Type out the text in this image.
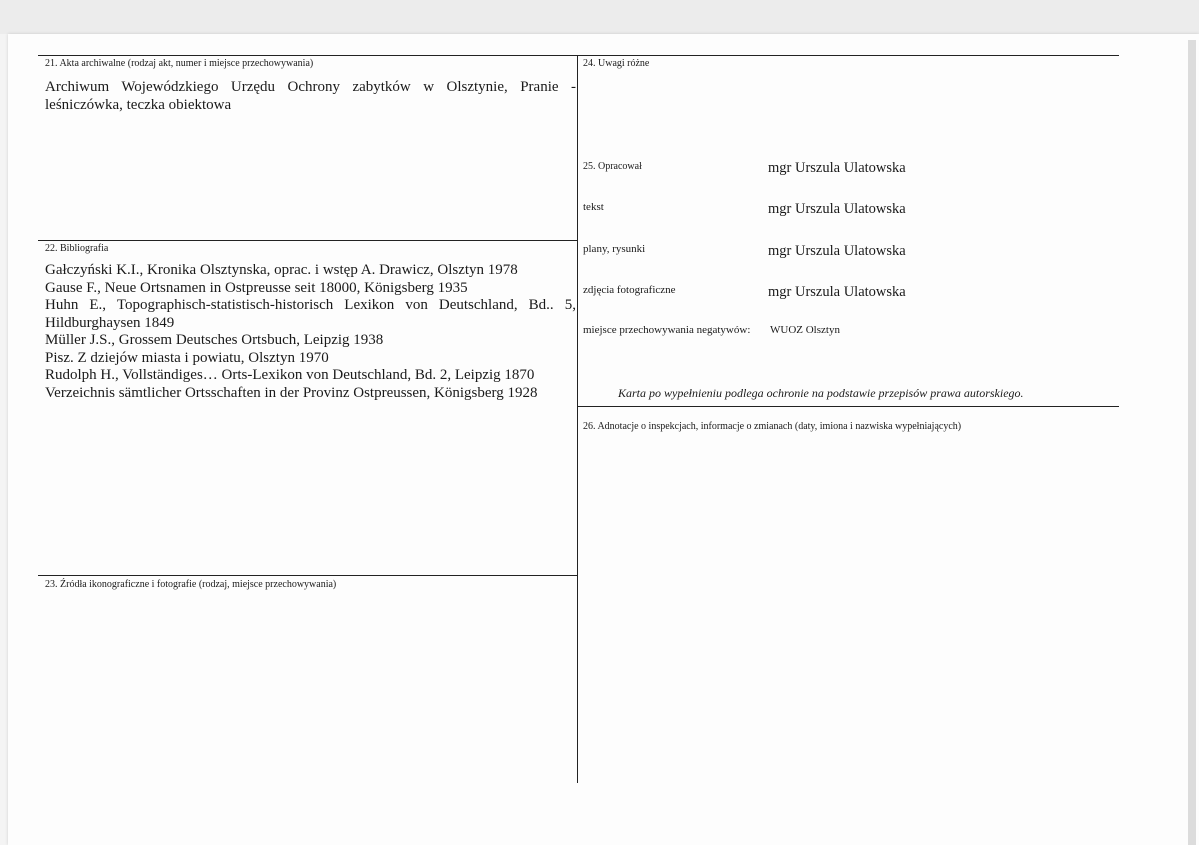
21. Akta archiwalne (rodzaj akt, numer i miejsce przechowywania)
Archiwum Wojewódzkiego Urzędu Ochrony zabytków w Olsztynie, Pranie -
leśniczówka, teczka obiektowa
22. Bibliografia
Gałczyński K.I., Kronika Olsztynska, oprac. i wstęp A. Drawicz, Olsztyn 1978
Gause F., Neue Ortsnamen in Ostpreusse seit 18000, Königsberg 1935
Huhn E., Topographisch-statistisch-historisch Lexikon von Deutschland, Bd.. 5,
Hildburghaysen 1849
Müller J.S., Grossem Deutsches Ortsbuch, Leipzig 1938
Pisz. Z dziejów miasta i powiatu, Olsztyn 1970
Rudolph H., Vollständiges… Orts-Lexikon von Deutschland, Bd. 2, Leipzig 1870
Verzeichnis sämtlicher Ortsschaften in der Provinz Ostpreussen, Königsberg 1928
23. Źródła ikonograficzne i fotografie (rodzaj, miejsce przechowywania)
24. Uwagi różne
25. Opracował	mgr Urszula Ulatowska
tekst	mgr Urszula Ulatowska
plany, rysunki	mgr Urszula Ulatowska
zdjęcia fotograficzne	mgr Urszula Ulatowska
miejsce przechowywania negatywów: WUOZ Olsztyn
Karta po wypełnieniu podlega ochronie na podstawie przepisów prawa autorskiego.
26. Adnotacje o inspekcjach, informacje o zmianach (daty, imiona i nazwiska wypełniających)
